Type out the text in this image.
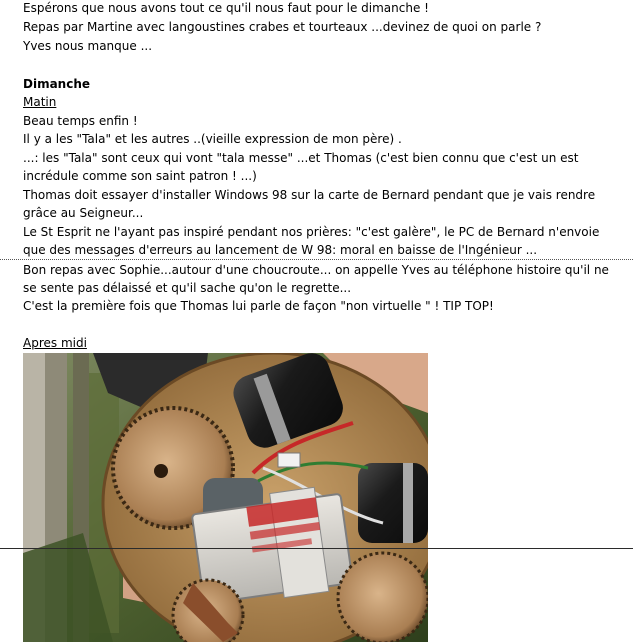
Espérons que nous avons tout ce qu'il nous faut pour le dimanche !
Repas par Martine avec langoustines crabes et tourteaux ...devinez de quoi on parle ?
Yves nous manque ...
Dimanche
Matin
Beau temps enfin !
Il y a les "Tala" et les autres ..(vieille expression de mon père) .
...: les "Tala" sont ceux qui vont "tala messe" ...et Thomas (c'est bien connu que c'est un est
incrédule comme son saint patron ! ...)
Thomas doit essayer d'installer Windows 98 sur la carte de Bernard pendant que je vais rendre
grâce au Seigneur...
Le St Esprit ne l'ayant pas inspiré pendant nos prières: "c'est galère", le PC de Bernard n'envoie
que des messages d'erreurs au lancement de W 98: moral en baisse de l'Ingénieur ...
Bon repas avec Sophie...autour d'une choucroute... on appelle Yves au téléphone histoire qu'il ne
se sente pas délaissé et qu'il sache qu'on le regrette...
C'est la première fois que Thomas lui parle de façon "non virtuelle " ! TIP TOP!
Apres midi
